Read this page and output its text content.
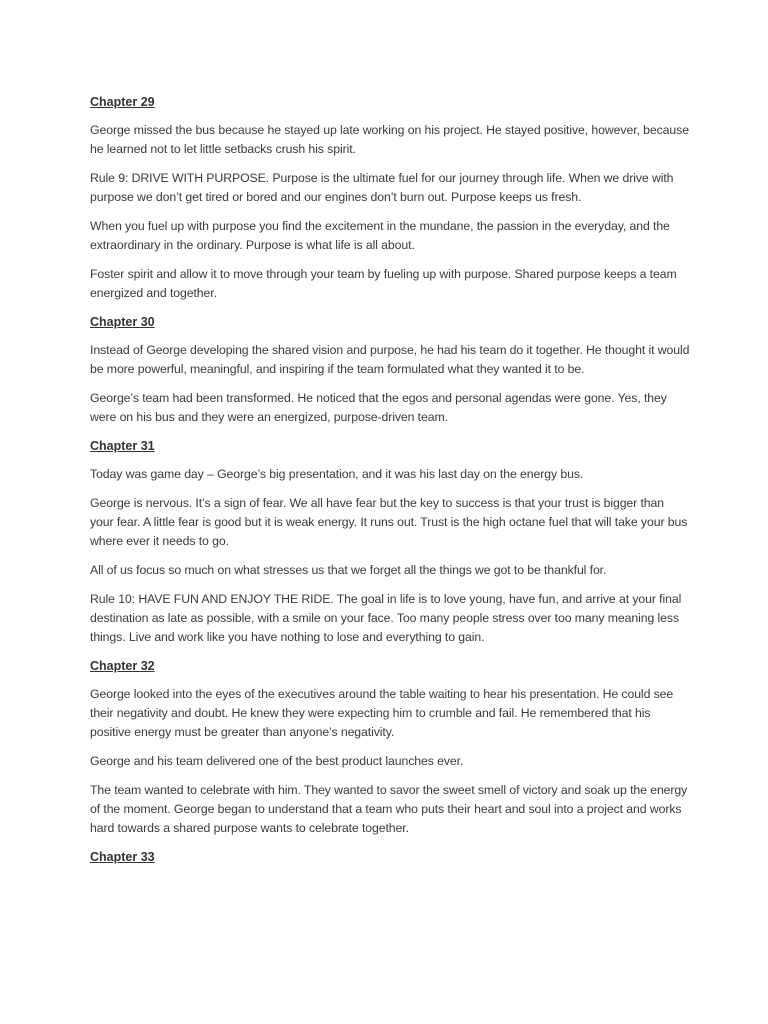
Chapter 29

George missed the bus because he stayed up late working on his project. He stayed positive, however, because he learned not to let little setbacks crush his spirit.

Rule 9: DRIVE WITH PURPOSE. Purpose is the ultimate fuel for our journey through life. When we drive with purpose we don’t get tired or bored and our engines don’t burn out. Purpose keeps us fresh.

When you fuel up with purpose you find the excitement in the mundane, the passion in the everyday, and the extraordinary in the ordinary. Purpose is what life is all about.

Foster spirit and allow it to move through your team by fueling up with purpose. Shared purpose keeps a team energized and together.

Chapter 30

Instead of George developing the shared vision and purpose, he had his team do it together. He thought it would be more powerful, meaningful, and inspiring if the team formulated what they wanted it to be.

George’s team had been transformed. He noticed that the egos and personal agendas were gone. Yes, they were on his bus and they were an energized, purpose-driven team.

Chapter 31

Today was game day – George’s big presentation, and it was his last day on the energy bus.

George is nervous. It’s a sign of fear. We all have fear but the key to success is that your trust is bigger than your fear. A little fear is good but it is weak energy. It runs out. Trust is the high octane fuel that will take your bus where ever it needs to go.

All of us focus so much on what stresses us that we forget all the things we got to be thankful for.

Rule 10: HAVE FUN AND ENJOY THE RIDE. The goal in life is to love young, have fun, and arrive at your final destination as late as possible, with a smile on your face. Too many people stress over too many meaning less things. Live and work like you have nothing to lose and everything to gain.

Chapter 32

George looked into the eyes of the executives around the table waiting to hear his presentation. He could see their negativity and doubt. He knew they were expecting him to crumble and fail. He remembered that his positive energy must be greater than anyone’s negativity.

George and his team delivered one of the best product launches ever.

The team wanted to celebrate with him. They wanted to savor the sweet smell of victory and soak up the energy of the moment. George began to understand that a team who puts their heart and soul into a project and works hard towards a shared purpose wants to celebrate together.

Chapter 33
